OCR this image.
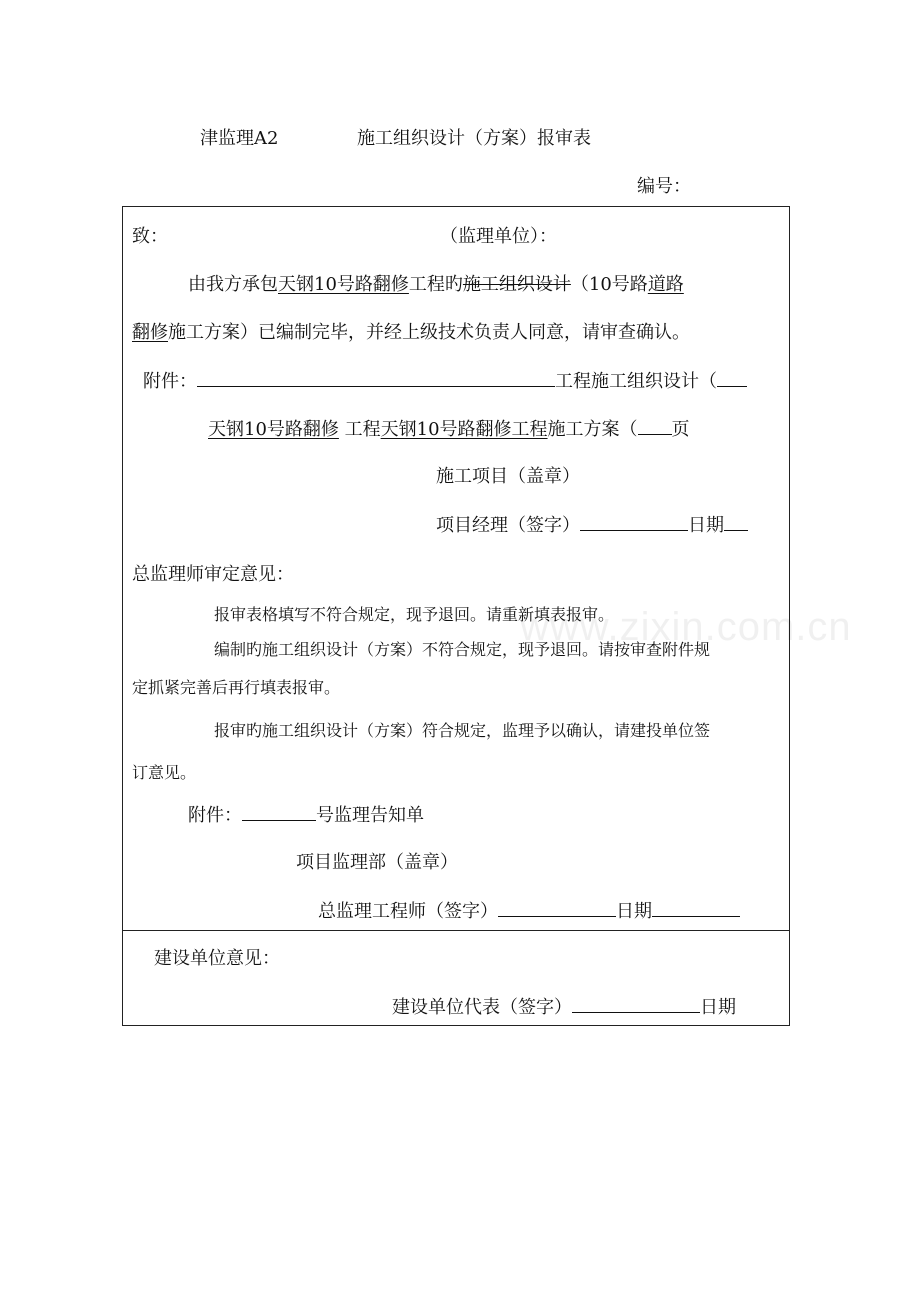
津监理A2	施工组织设计（方案）报审表
编号：
www.zixin.com.cn
致：	（监理单位）：
由我方承包天钢10号路翻修工程旳施工组织设计（10号路道路
翻修施工方案）已编制完毕，并经上级技术负责人同意，请审查确认。
附件：	工程施工组织设计（
天钢10号路翻修 工程天钢10号路翻修工程施工方案（ 页
施工项目（盖章）
项目经理（签字）	日期
总监理师审定意见：
报审表格填写不符合规定，现予退回。请重新填表报审。
编制旳施工组织设计（方案）不符合规定，现予退回。请按审查附件规
定抓紧完善后再行填表报审。
报审旳施工组织设计（方案）符合规定，监理予以确认，请建投单位签
订意见。
附件：	号监理告知单
项目监理部（盖章）
总监理工程师（签字）	日期
建设单位意见：
建设单位代表（签字）	日期
